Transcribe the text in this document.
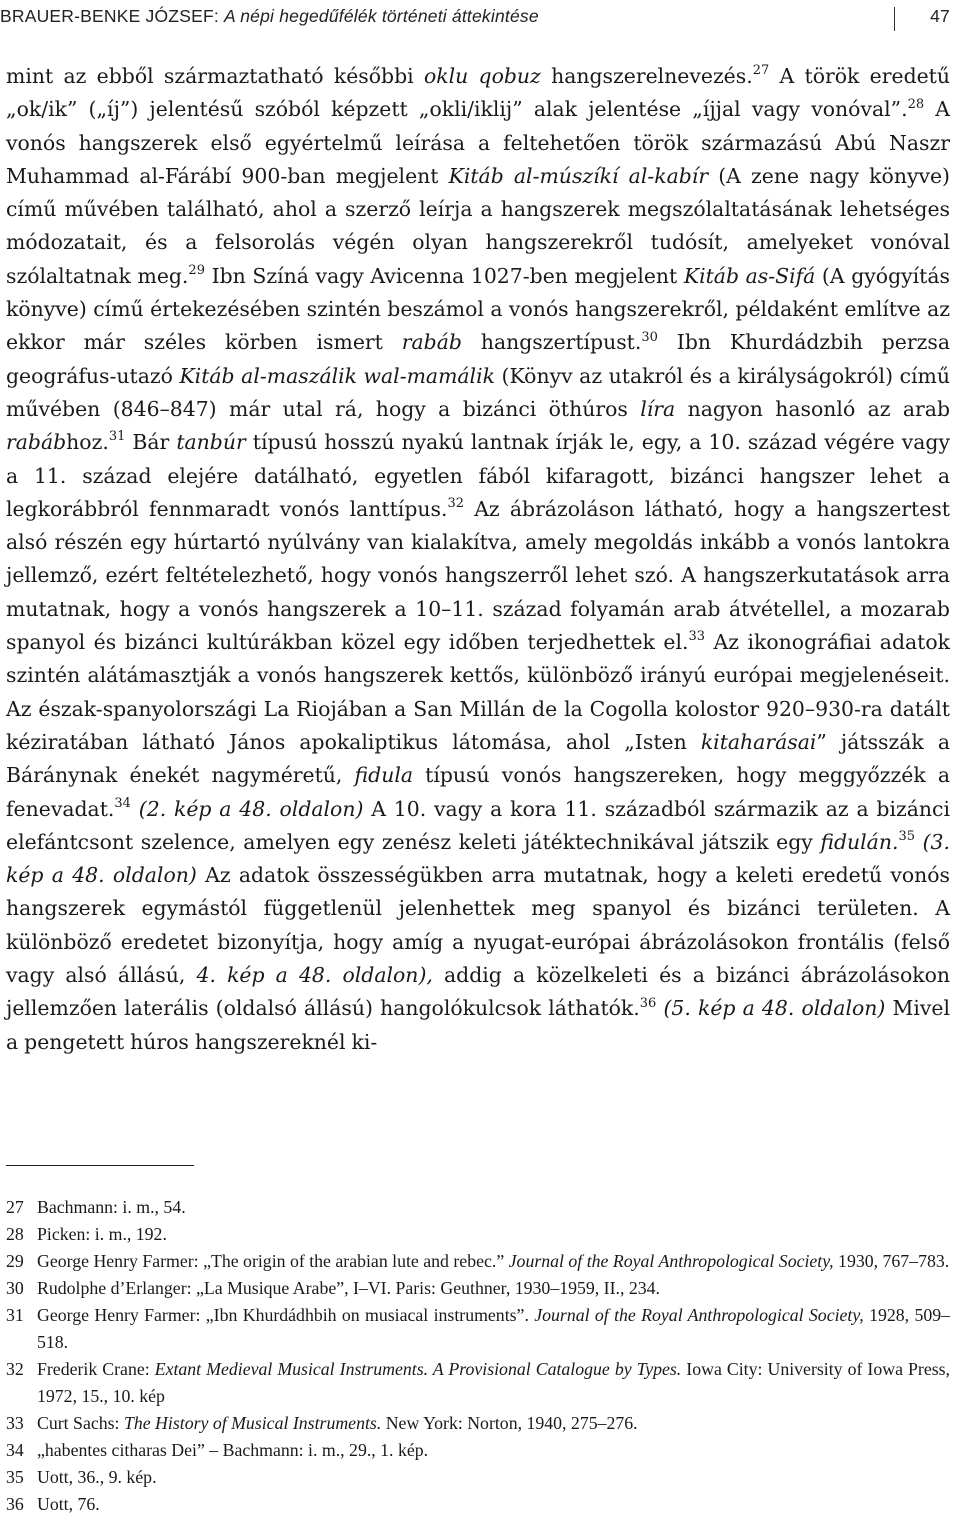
BRAUER-BENKE JÓZSEF: A népi hegedűfélék történeti áttekintése	47
mint az ebből származtatható későbbi oklu qobuz hangszerelnevezés.$^{27}$ A török eredetű „ok/ik” („íj”) jelentésű szóból képzett „okli/iklij” alak jelentése „íjjal vagy vonóval”.$^{28}$ A vonós hangszerek első egyértelmű leírása a feltehetően török származású Abú Naszr Muhammad al-Fárábí 900-ban megjelent Kitáb al-múszíkí al-kabír (A zene nagy könyve) című művében található, ahol a szerző leírja a hangszerek megszólaltatásának lehetséges módozatait, és a felsorolás végén olyan hangszerekről tudósít, amelyeket vonóval szólaltatnak meg.$^{29}$ Ibn Színá vagy Avicenna 1027-ben megjelent Kitáb as-Sifá (A gyógyítás könyve) című értekezésében szintén beszámol a vonós hangszerekről, példaként említve az ekkor már széles körben ismert rabáb hangszertípust.$^{30}$ Ibn Khurdádzbih perzsa geográfus-utazó Kitáb al-maszálik wal-mamálik (Könyv az utakról és a királyságokról) című művében (846–847) már utal rá, hogy a bizánci öthúros líra nagyon hasonló az arab rabábhoz.$^{31}$ Bár tanbúr típusú hosszú nyakú lantnak írják le, egy, a 10. század végére vagy a 11. század elejére datálható, egyetlen fából kifaragott, bizánci hangszer lehet a legkorábbról fennmaradt vonós lanttípus.$^{32}$ Az ábrázoláson látható, hogy a hangszertest alsó részén egy húrtartó nyúlvány van kialakítva, amely megoldás inkább a vonós lantokra jellemző, ezért feltételezhető, hogy vonós hangszerről lehet szó. A hangszerkutatások arra mutatnak, hogy a vonós hangszerek a 10–11. század folyamán arab átvétellel, a mozarab spanyol és bizánci kultúrákban közel egy időben terjedhettek el.$^{33}$ Az ikonográfiai adatok szintén alátámasztják a vonós hangszerek kettős, különböző irányú európai megjelenéseit. Az észak-spanyolországi La Riojában a San Millán de la Cogolla kolostor 920–930-ra datált kéziratában látható János apokaliptikus látomása, ahol „Isten kitaharásai” játsszák a Báránynak énekét nagyméretű, fidula típusú vonós hangszereken, hogy meggyőzzék a fenevadat.$^{34}$ (2. kép a 48. oldalon) A 10. vagy a kora 11. századból származik az a bizánci elefántcsont szelence, amelyen egy zenész keleti játéktechnikával játszik egy fidulán.$^{35}$ (3. kép a 48. oldalon) Az adatok összességükben arra mutatnak, hogy a keleti eredetű vonós hangszerek egymástól függetlenül jelenhettek meg spanyol és bizánci területen. A különböző eredetet bizonyítja, hogy amíg a nyugat-európai ábrázolásokon frontális (felső vagy alsó állású, 4. kép a 48. oldalon), addig a közelkeleti és a bizánci ábrázolásokon jellemzően laterális (oldalsó állású) hangolókulcsok láthatók.$^{36}$ (5. kép a 48. oldalon) Mivel a pengetett húros hangszereknél ki-
27 Bachmann: i. m., 54.
28 Picken: i. m., 192.
29 George Henry Farmer: „The origin of the arabian lute and rebec.” Journal of the Royal Anthropological Society, 1930, 767–783.
30 Rudolphe d’Erlanger: „La Musique Arabe”, I–VI. Paris: Geuthner, 1930–1959, II., 234.
31 George Henry Farmer: „Ibn Khurdádhbih on musiacal instruments”. Journal of the Royal Anthropological Society, 1928, 509–518.
32 Frederik Crane: Extant Medieval Musical Instruments. A Provisional Catalogue by Types. Iowa City: University of Iowa Press, 1972, 15., 10. kép
33 Curt Sachs: The History of Musical Instruments. New York: Norton, 1940, 275–276.
34 „habentes citharas Dei” – Bachmann: i. m., 29., 1. kép.
35 Uott, 36., 9. kép.
36 Uott, 76.
